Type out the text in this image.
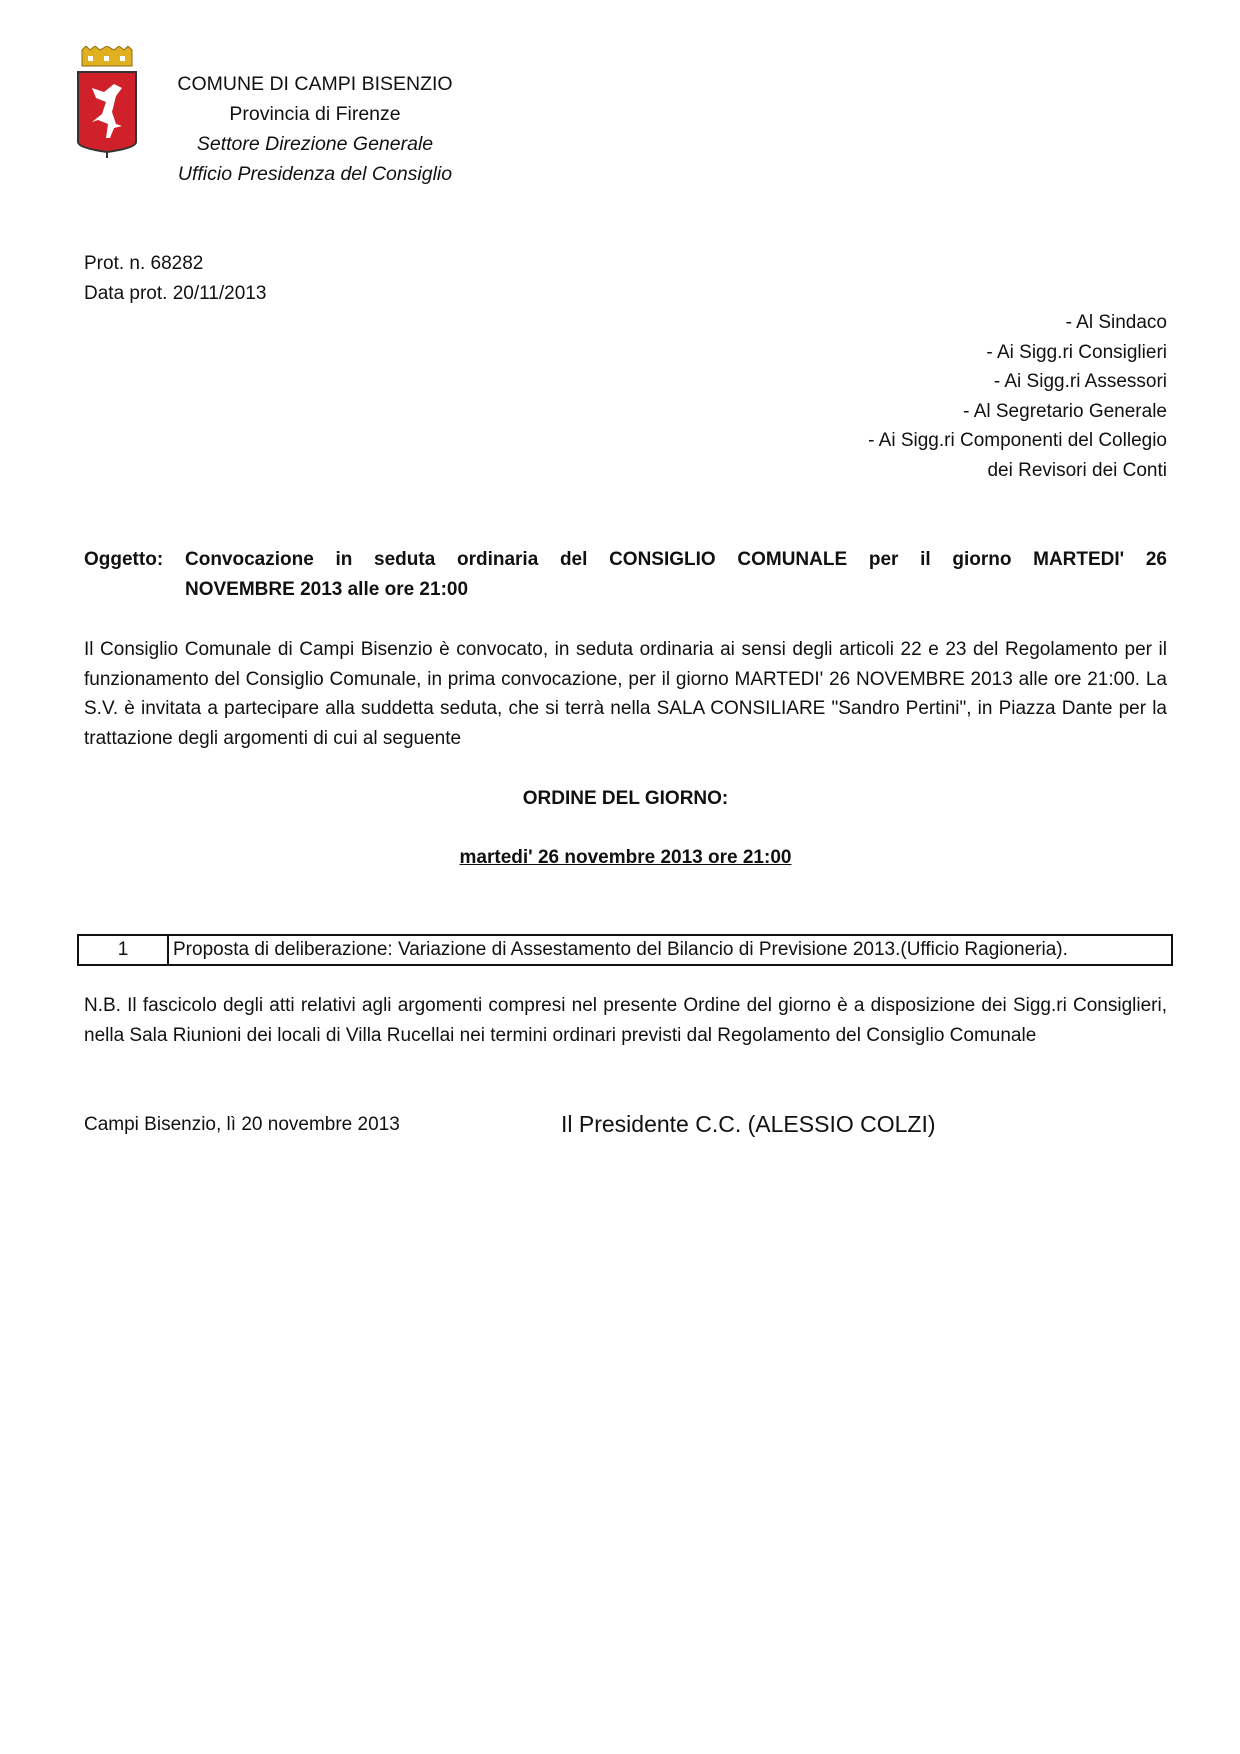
COMUNE DI CAMPI BISENZIO
Provincia di Firenze
Settore Direzione Generale
Ufficio Presidenza del Consiglio
Prot. n. 68282
Data prot. 20/11/2013
- Al Sindaco
- Ai Sigg.ri Consiglieri
- Ai Sigg.ri Assessori
- Al Segretario Generale
- Ai Sigg.ri Componenti del Collegio
dei Revisori dei Conti
Oggetto:	Convocazione in seduta ordinaria del CONSIGLIO COMUNALE per il giorno MARTEDI' 26
NOVEMBRE 2013 alle ore 21:00
Il Consiglio Comunale di Campi Bisenzio è convocato, in seduta ordinaria ai sensi degli articoli 22 e 23 del Regolamento per il funzionamento del Consiglio Comunale, in prima convocazione, per il giorno MARTEDI' 26 NOVEMBRE 2013 alle ore 21:00. La S.V. è invitata a partecipare alla suddetta seduta, che si terrà nella SALA CONSILIARE "Sandro Pertini", in Piazza Dante per la trattazione degli argomenti di cui al seguente
ORDINE DEL GIORNO:
martedi' 26 novembre 2013 ore 21:00
1	Proposta di deliberazione: Variazione di Assestamento del Bilancio di Previsione 2013.(Ufficio Ragioneria).
N.B. Il fascicolo degli atti relativi agli argomenti compresi nel presente Ordine del giorno è a disposizione dei Sigg.ri Consiglieri, nella Sala Riunioni dei locali di Villa Rucellai nei termini ordinari previsti dal Regolamento del Consiglio Comunale
Campi Bisenzio, lì 20 novembre 2013	Il Presidente C.C. (ALESSIO COLZI)
